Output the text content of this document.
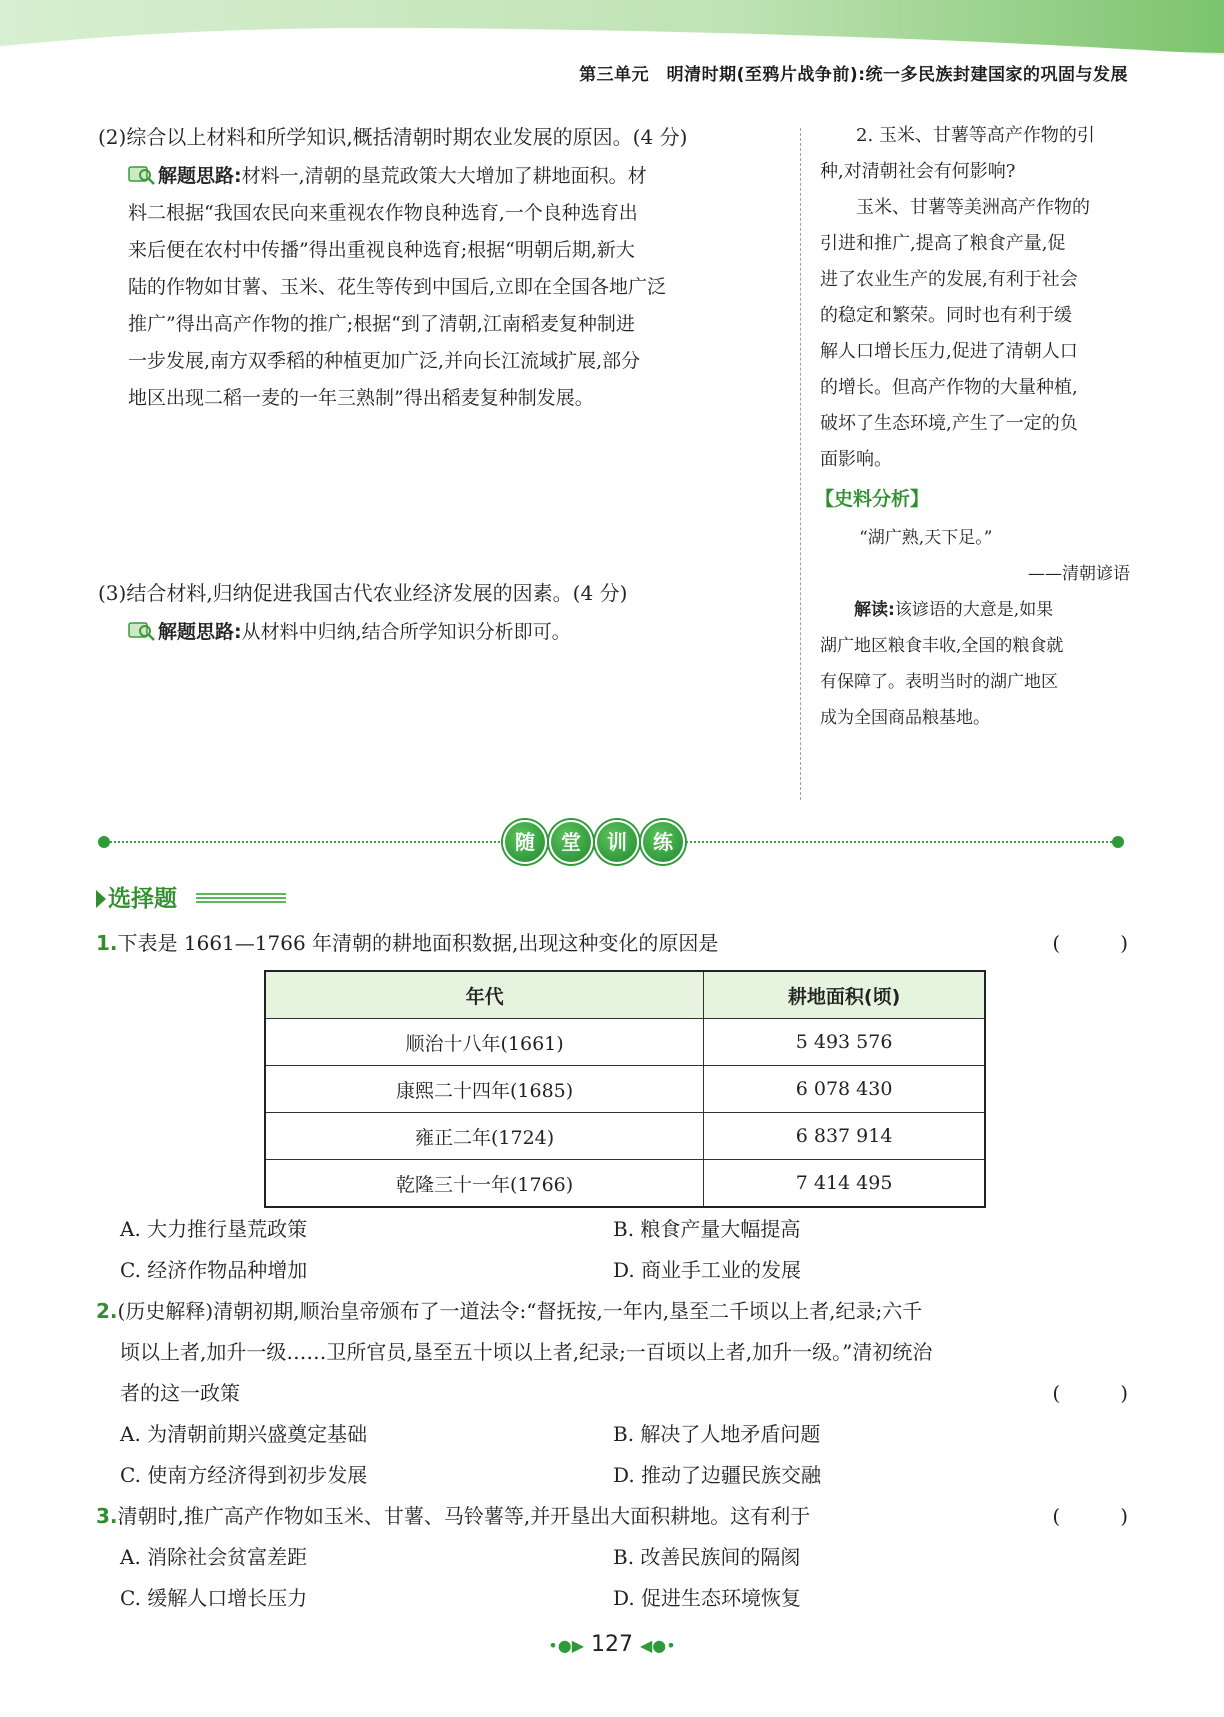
第三单元　明清时期(至鸦片战争前):统一多民族封建国家的巩固与发展
(2)综合以上材料和所学知识,概括清朝时期农业发展的原因。(4 分)
解题思路:材料一,清朝的垦荒政策大大增加了耕地面积。材
料二根据“我国农民向来重视农作物良种选育,一个良种选育出
来后便在农村中传播”得出重视良种选育;根据“明朝后期,新大
陆的作物如甘薯、玉米、花生等传到中国后,立即在全国各地广泛
推广”得出高产作物的推广;根据“到了清朝,江南稻麦复种制进
一步发展,南方双季稻的种植更加广泛,并向长江流域扩展,部分
地区出现二稻一麦的一年三熟制”得出稻麦复种制发展。
(3)结合材料,归纳促进我国古代农业经济发展的因素。(4 分)
解题思路:从材料中归纳,结合所学知识分析即可。

2. 玉米、甘薯等高产作物的引

种,对清朝社会有何影响?

玉米、甘薯等美洲高产作物的

引进和推广,提高了粮食产量,促

进了农业生产的发展,有利于社会

的稳定和繁荣。同时也有利于缓

解人口增长压力,促进了清朝人口

的增长。但高产作物的大量种植,

破坏了生态环境,产生了一定的负

面影响。

【史料分析】
“湖广熟,天下足。”
——清朝谚语
解读:该谚语的大意是,如果
湖广地区粮食丰收,全国的粮食就
有保障了。表明当时的湖广地区
成为全国商品粮基地。
随	堂	训	练
选择题
1.下表是 1661—1766 年清朝的耕地面积数据,出现这种变化的原因是	(　　　)
年代	耕地面积(顷)
顺治十八年(1661)	5 493 576
康熙二十四年(1685)	6 078 430
雍正二年(1724)	6 837 914
乾隆三十一年(1766)	7 414 495
A. 大力推行垦荒政策	B. 粮食产量大幅提高
C. 经济作物品种增加	D. 商业手工业的发展
2.(历史解释)清朝初期,顺治皇帝颁布了一道法令:“督抚按,一年内,垦至二千顷以上者,纪录;六千
顷以上者,加升一级……卫所官员,垦至五十顷以上者,纪录;一百顷以上者,加升一级。”清初统治
者的这一政策	(　　　)
A. 为清朝前期兴盛奠定基础	B. 解决了人地矛盾问题
C. 使南方经济得到初步发展	D. 推动了边疆民族交融
3.清朝时,推广高产作物如玉米、甘薯、马铃薯等,并开垦出大面积耕地。这有利于	(　　　)
A. 消除社会贫富差距	B. 改善民族间的隔阂
C. 缓解人口增长压力	D. 促进生态环境恢复
•●▶ 127 ◀●•
